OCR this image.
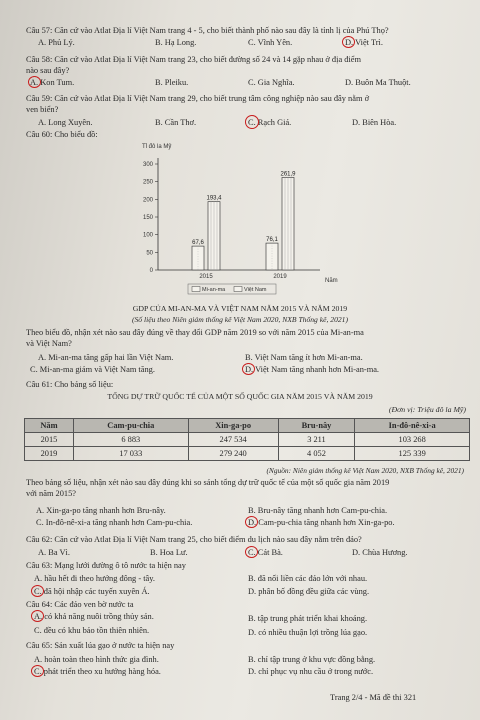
Câu 57: Căn cứ vào Atlat Địa lí Việt Nam trang 4 - 5, cho biết thành phố nào sau đây là tỉnh lị của Phú Thọ?
A. Phủ Lý.	B. Hạ Long.	C. Vĩnh Yên.	D. Việt Trì.
Câu 58: Căn cứ vào Atlat Địa lí Việt Nam trang 23, cho biết đường số 24 và 14 gặp nhau ở địa điểm
nào sau đây?
A. Kon Tum.	B. Pleiku.	C. Gia Nghĩa.	D. Buôn Ma Thuột.
Câu 59: Căn cứ vào Atlat Địa lí Việt Nam trang 29, cho biết trung tâm công nghiệp nào sau đây nằm ở
ven biển?
A. Long Xuyên.	B. Cần Thơ.	C. Rạch Giá.	D. Biên Hòa.
Câu 60: Cho biểu đồ:
Tỉ đô la Mỹ
0
50
100
150
200
250
300
67,6
193,4
76,1
261,9
2015	2019
Năm
Mi-an-ma	Việt Nam
GDP CỦA MI-AN-MA VÀ VIỆT NAM NĂM 2015 VÀ NĂM 2019
(Số liệu theo Niên giám thống kê Việt Nam 2020, NXB Thống kê, 2021)
Theo biểu đồ, nhận xét nào sau đây đúng về thay đổi GDP năm 2019 so với năm 2015 của Mi-an-ma
và Việt Nam?
A. Mi-an-ma tăng gấp hai lần Việt Nam.	B. Việt Nam tăng ít hơn Mi-an-ma.
C. Mi-an-ma giảm và Việt Nam tăng.	D. Việt Nam tăng nhanh hơn Mi-an-ma.
Câu 61: Cho bảng số liệu:
TỔNG DỰ TRỮ QUỐC TẾ CỦA MỘT SỐ QUỐC GIA NĂM 2015 VÀ NĂM 2019
(Đơn vị: Triệu đô la Mỹ)
Năm	Cam-pu-chia	Xin-ga-po	Bru-nây	In-đô-nê-xi-a
2015	6 883	247 534	3 211	103 268
2019	17 033	279 240	4 052	125 339
(Nguồn: Niên giám thống kê Việt Nam 2020, NXB Thống kê, 2021)
Theo bảng số liệu, nhận xét nào sau đây đúng khi so sánh tổng dự trữ quốc tế của một số quốc gia năm 2019
với năm 2015?
A. Xin-ga-po tăng nhanh hơn Bru-nây.	B. Bru-nây tăng nhanh hơn Cam-pu-chia.
C. In-đô-nê-xi-a tăng nhanh hơn Cam-pu-chia.	D. Cam-pu-chia tăng nhanh hơn Xin-ga-po.
Câu 62: Căn cứ vào Atlat Địa lí Việt Nam trang 25, cho biết điểm du lịch nào sau đây nằm trên đảo?
A. Ba Vì.	B. Hoa Lư.	C. Cát Bà.	D. Chùa Hương.
Câu 63: Mạng lưới đường ô tô nước ta hiện nay
A. hầu hết đi theo hướng đông - tây.	B. đã nối liền các đảo lớn với nhau.
C. đã hội nhập các tuyến xuyên Á.	D. phân bố đồng đều giữa các vùng.
Câu 64: Các đảo ven bờ nước ta
A. có khả năng nuôi trồng thủy sản.	B. tập trung phát triển khai khoáng.
C. đều có khu bảo tồn thiên nhiên.	D. có nhiều thuận lợi trồng lúa gạo.
Câu 65: Sản xuất lúa gạo ở nước ta hiện nay
A. hoàn toàn theo hình thức gia đình.	B. chỉ tập trung ở khu vực đồng bằng.
C. phát triển theo xu hướng hàng hóa.	D. chỉ phục vụ nhu cầu ở trong nước.
Trang 2/4 - Mã đề thi 321
